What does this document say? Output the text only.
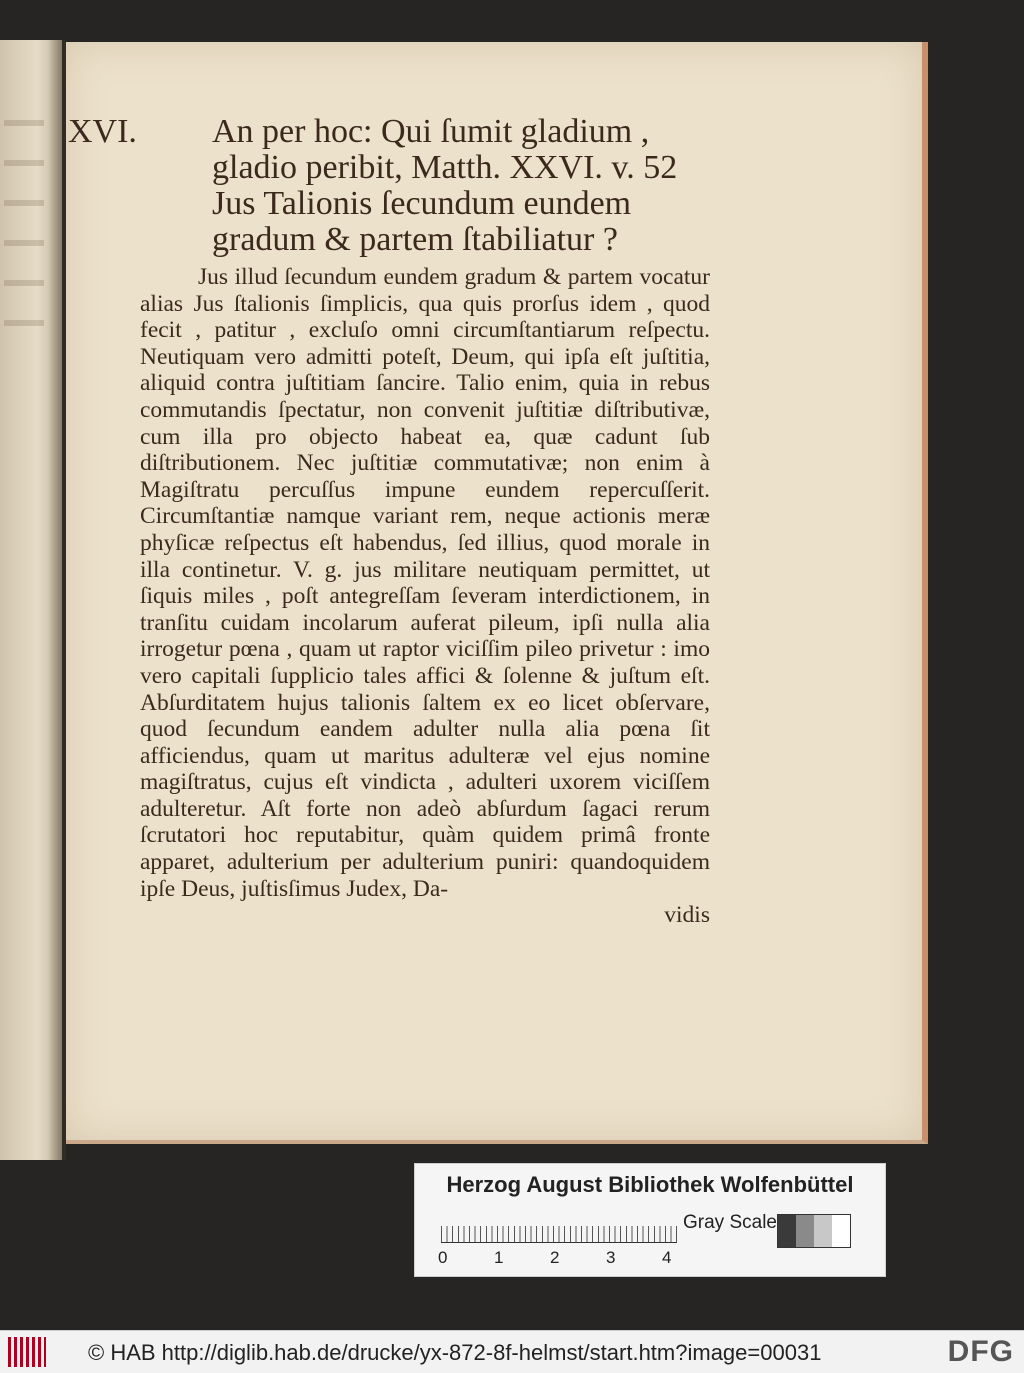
XVI. An per hoc: Qui ſumit gladium , gladio peribit, Matth. XXVI. v. 52 Jus Talionis ſecundum eundem gradum & partem ſtabiliatur ?

Jus illud ſecundum eundem gradum & partem vocatur alias Jus ſtalionis ſimplicis, qua quis prorſus idem , quod fecit , patitur , excluſo omni circumſtantiarum reſpectu. Neutiquam vero admitti poteſt, Deum, qui ipſa eſt juſtitia, aliquid contra juſtitiam ſancire. Talio enim, quia in rebus commutandis ſpectatur, non convenit juſtitiæ diſtributivæ, cum illa pro objecto habeat ea, quæ cadunt ſub diſtributionem. Nec juſtitiæ commutativæ; non enim à Magiſtratu percuſſus impune eundem repercuſſerit. Circumſtantiæ namque variant rem, neque actionis meræ phyſicæ reſpectus eſt habendus, ſed illius, quod morale in illa continetur. V. g. jus militare neutiquam permittet, ut ſiquis miles , poſt antegreſſam ſeveram interdictionem, in tranſitu cuidam incolarum auferat pileum, ipſi nulla alia irrogetur pœna , quam ut raptor viciſſim pileo privetur : imo vero capitali ſupplicio tales affici & ſolenne & juſtum eſt. Abſurditatem hujus talionis ſaltem ex eo licet obſervare, quod ſecundum eandem adulter nulla alia pœna ſit afficiendus, quam ut maritus adulteræ vel ejus nomine magiſtratus, cujus eſt vindicta , adulteri uxorem viciſſem adulteretur. Aſt forte non adeò abſurdum ſagaci rerum ſcrutatori hoc reputabitur, quàm quidem primâ fronte apparet, adulterium per adulterium puniri: quandoquidem ipſe Deus, juſtisſimus Judex, Da-
vidis
Herzog August Bibliothek Wolfenbüttel
0	1	2	3	4
Gray Scale
© HAB http://diglib.hab.de/drucke/yx-872-8f-helmst/start.htm?image=00031	DFG
